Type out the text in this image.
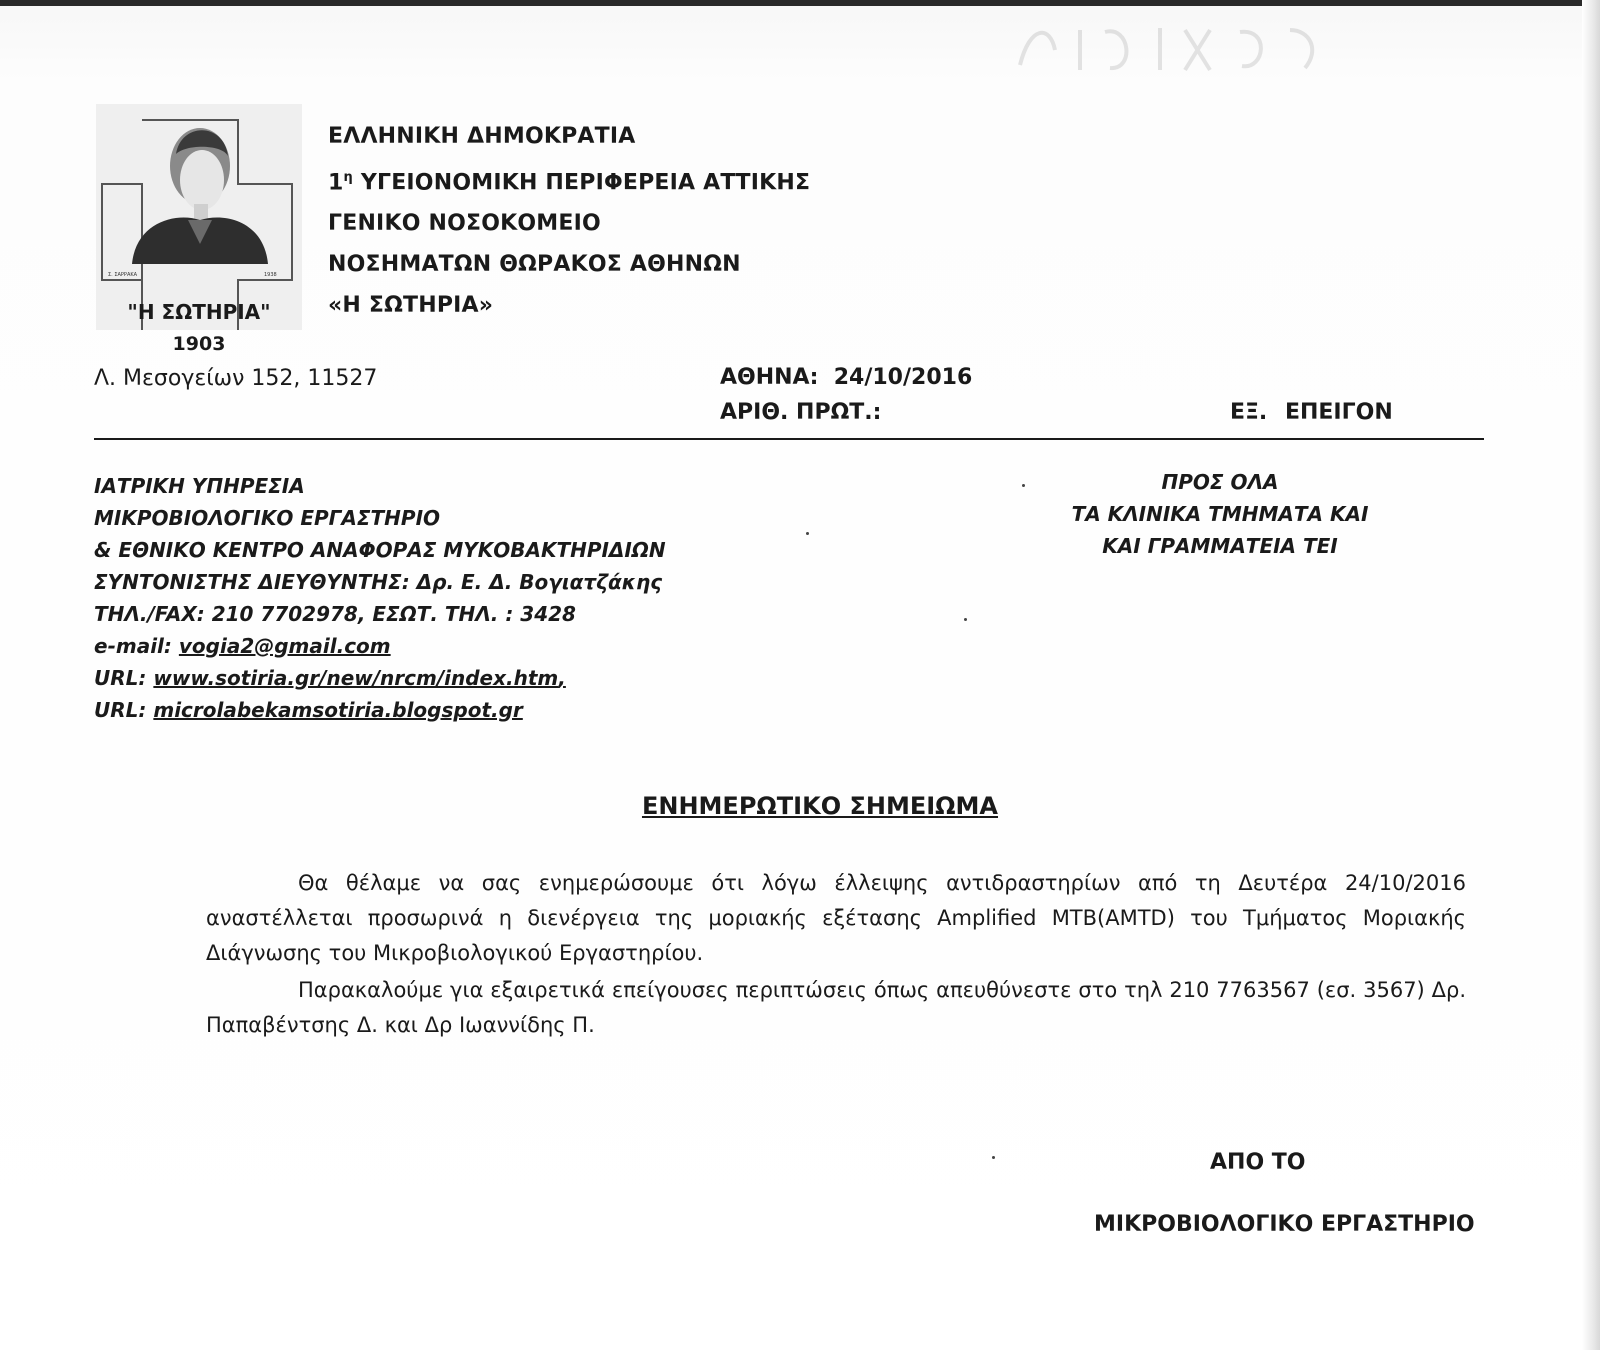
Σ. ΣΑΡΡΑΚΑ	1938
"Η ΣΩΤΗΡΙΑ"
1903
ΕΛΛΗΝΙΚΗ ΔΗΜΟΚΡΑΤΙΑ
$1^\eta$ ΥΓΕΙΟΝΟΜΙΚΗ ΠΕΡΙΦΕΡΕΙΑ ΑΤΤΙΚΗΣ
ΓΕΝΙΚΟ ΝΟΣΟΚΟΜΕΙΟ
ΝΟΣΗΜΑΤΩΝ ΘΩΡΑΚΟΣ ΑΘΗΝΩΝ
«Η ΣΩΤΗΡΙΑ»
Λ. Μεσογείων 152, 11527	ΑΘΗΝΑ: 24/10/2016
ΑΡΙΘ. ΠΡΩΤ.:	ΕΞ. ΕΠΕΙΓΟΝ
ΙΑΤΡΙΚΗ ΥΠΗΡΕΣΙΑ
ΜΙΚΡΟΒΙΟΛΟΓΙΚΟ ΕΡΓΑΣΤΗΡΙΟ
& ΕΘΝΙΚΟ ΚΕΝΤΡΟ ΑΝΑΦΟΡΑΣ ΜΥΚΟΒΑΚΤΗΡΙΔΙΩΝ
ΣΥΝΤΟΝΙΣΤΗΣ ΔΙΕΥΘΥΝΤΗΣ: Δρ. Ε. Δ. Βογιατζάκης
ΤΗΛ./FAX: 210 7702978, ΕΣΩΤ. ΤΗΛ. : 3428
e-mail: vogia2@gmail.com
URL: www.sotiria.gr/new/nrcm/index.htm,
URL: microlabekamsotiria.blogspot.gr
ΠΡΟΣ ΟΛΑ
ΤΑ ΚΛΙΝΙΚΑ ΤΜΗΜΑΤΑ ΚΑΙ
ΚΑΙ ΓΡΑΜΜΑΤΕΙΑ ΤΕΙ
ΕΝΗΜΕΡΩΤΙΚΟ ΣΗΜΕΙΩΜΑ

Θα θέλαμε να σας ενημερώσουμε ότι λόγω έλλειψης αντιδραστηρίων από τη Δευτέρα 24/10/2016 αναστέλλεται προσωρινά η διενέργεια της μοριακής εξέτασης Amplified MTB(AMTD) του Τμήματος Μοριακής Διάγνωσης του Μικροβιολογικού Εργαστηρίου.

Παρακαλούμε για εξαιρετικά επείγουσες περιπτώσεις όπως απευθύνεστε στο τηλ 210 7763567 (εσ. 3567) Δρ. Παπαβέντσης Δ. και Δρ Ιωαννίδης Π.

ΑΠΟ ΤΟ
ΜΙΚΡΟΒΙΟΛΟΓΙΚΟ ΕΡΓΑΣΤΗΡΙΟ
